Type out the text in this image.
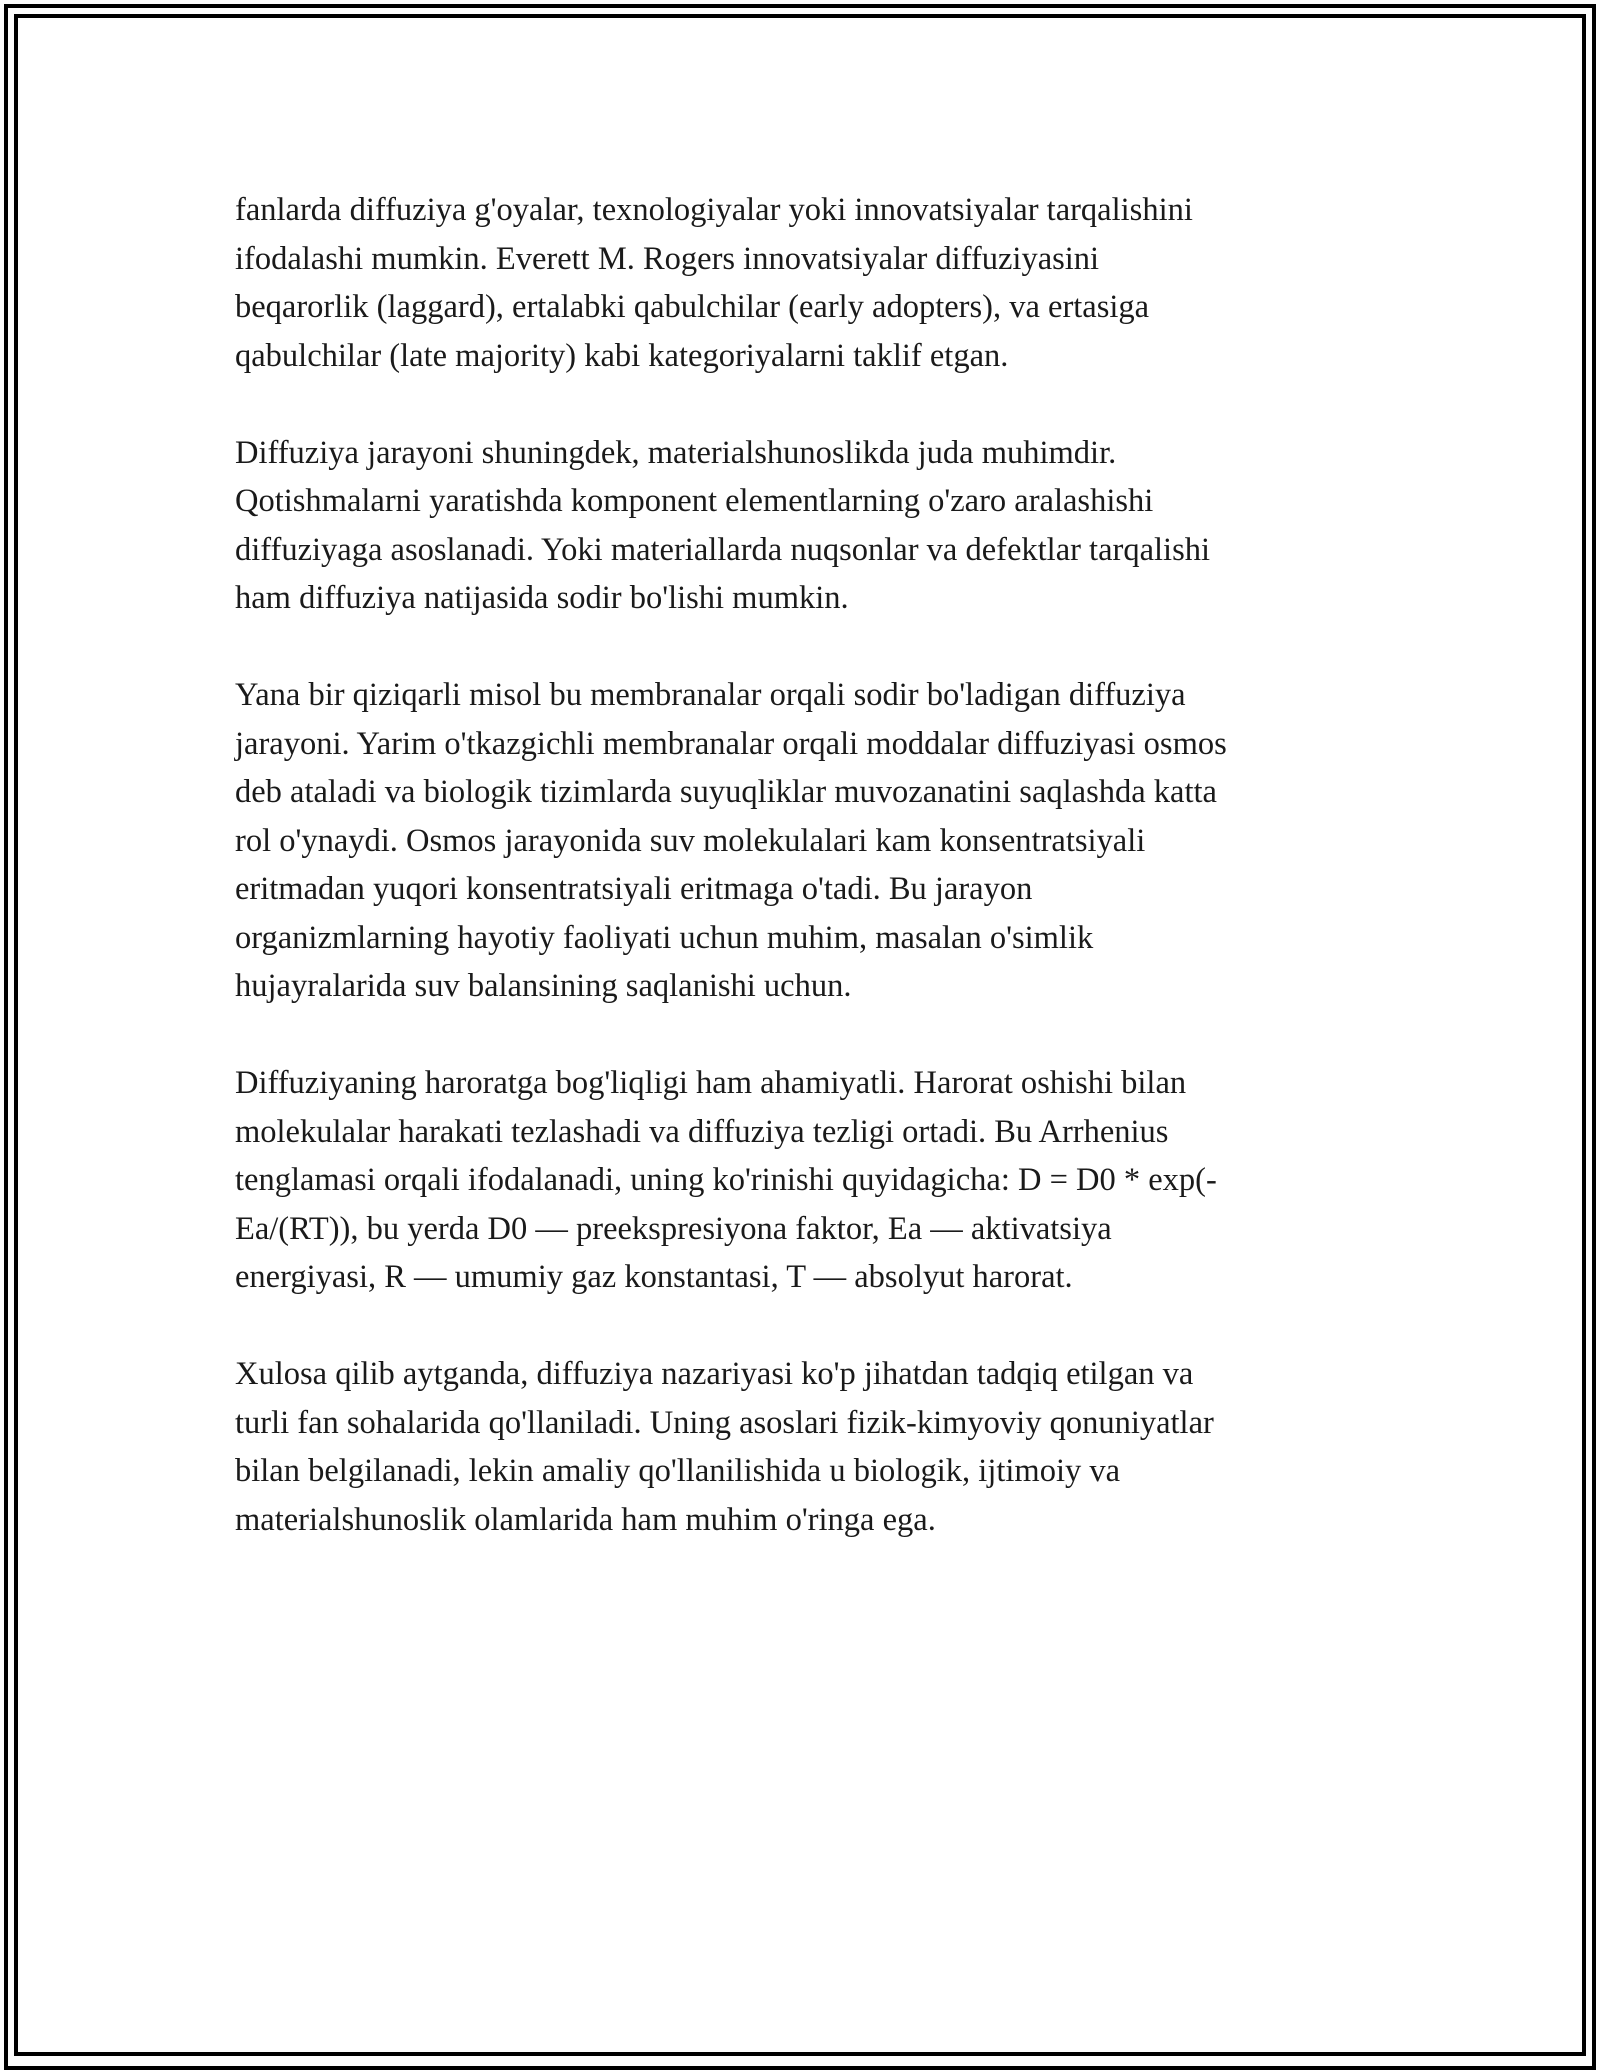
fanlarda diffuziya g'oyalar, texnologiyalar yoki innovatsiyalar tarqalishini
ifodalashi mumkin. Everett M. Rogers innovatsiyalar diffuziyasini
beqarorlik (laggard), ertalabki qabulchilar (early adopters), va ertasiga
qabulchilar (late majority) kabi kategoriyalarni taklif etgan.

Diffuziya jarayoni shuningdek, materialshunoslikda juda muhimdir.
Qotishmalarni yaratishda komponent elementlarning o'zaro aralashishi
diffuziyaga asoslanadi. Yoki materiallarda nuqsonlar va defektlar tarqalishi
ham diffuziya natijasida sodir bo'lishi mumkin.

Yana bir qiziqarli misol bu membranalar orqali sodir bo'ladigan diffuziya
jarayoni. Yarim o'tkazgichli membranalar orqali moddalar diffuziyasi osmos
deb ataladi va biologik tizimlarda suyuqliklar muvozanatini saqlashda katta
rol o'ynaydi. Osmos jarayonida suv molekulalari kam konsentratsiyali
eritmadan yuqori konsentratsiyali eritmaga o'tadi. Bu jarayon
organizmlarning hayotiy faoliyati uchun muhim, masalan o'simlik
hujayralarida suv balansining saqlanishi uchun.

Diffuziyaning haroratga bog'liqligi ham ahamiyatli. Harorat oshishi bilan
molekulalar harakati tezlashadi va diffuziya tezligi ortadi. Bu Arrhenius
tenglamasi orqali ifodalanadi, uning ko'rinishi quyidagicha: D = D0 * exp(-
Ea/(RT)), bu yerda D0 — preekspresiyona faktor, Ea — aktivatsiya
energiyasi, R — umumiy gaz konstantasi, T — absolyut harorat.

Xulosa qilib aytganda, diffuziya nazariyasi ko'p jihatdan tadqiq etilgan va
turli fan sohalarida qo'llaniladi. Uning asoslari fizik-kimyoviy qonuniyatlar
bilan belgilanadi, lekin amaliy qo'llanilishida u biologik, ijtimoiy va
materialshunoslik olamlarida ham muhim o'ringa ega.
